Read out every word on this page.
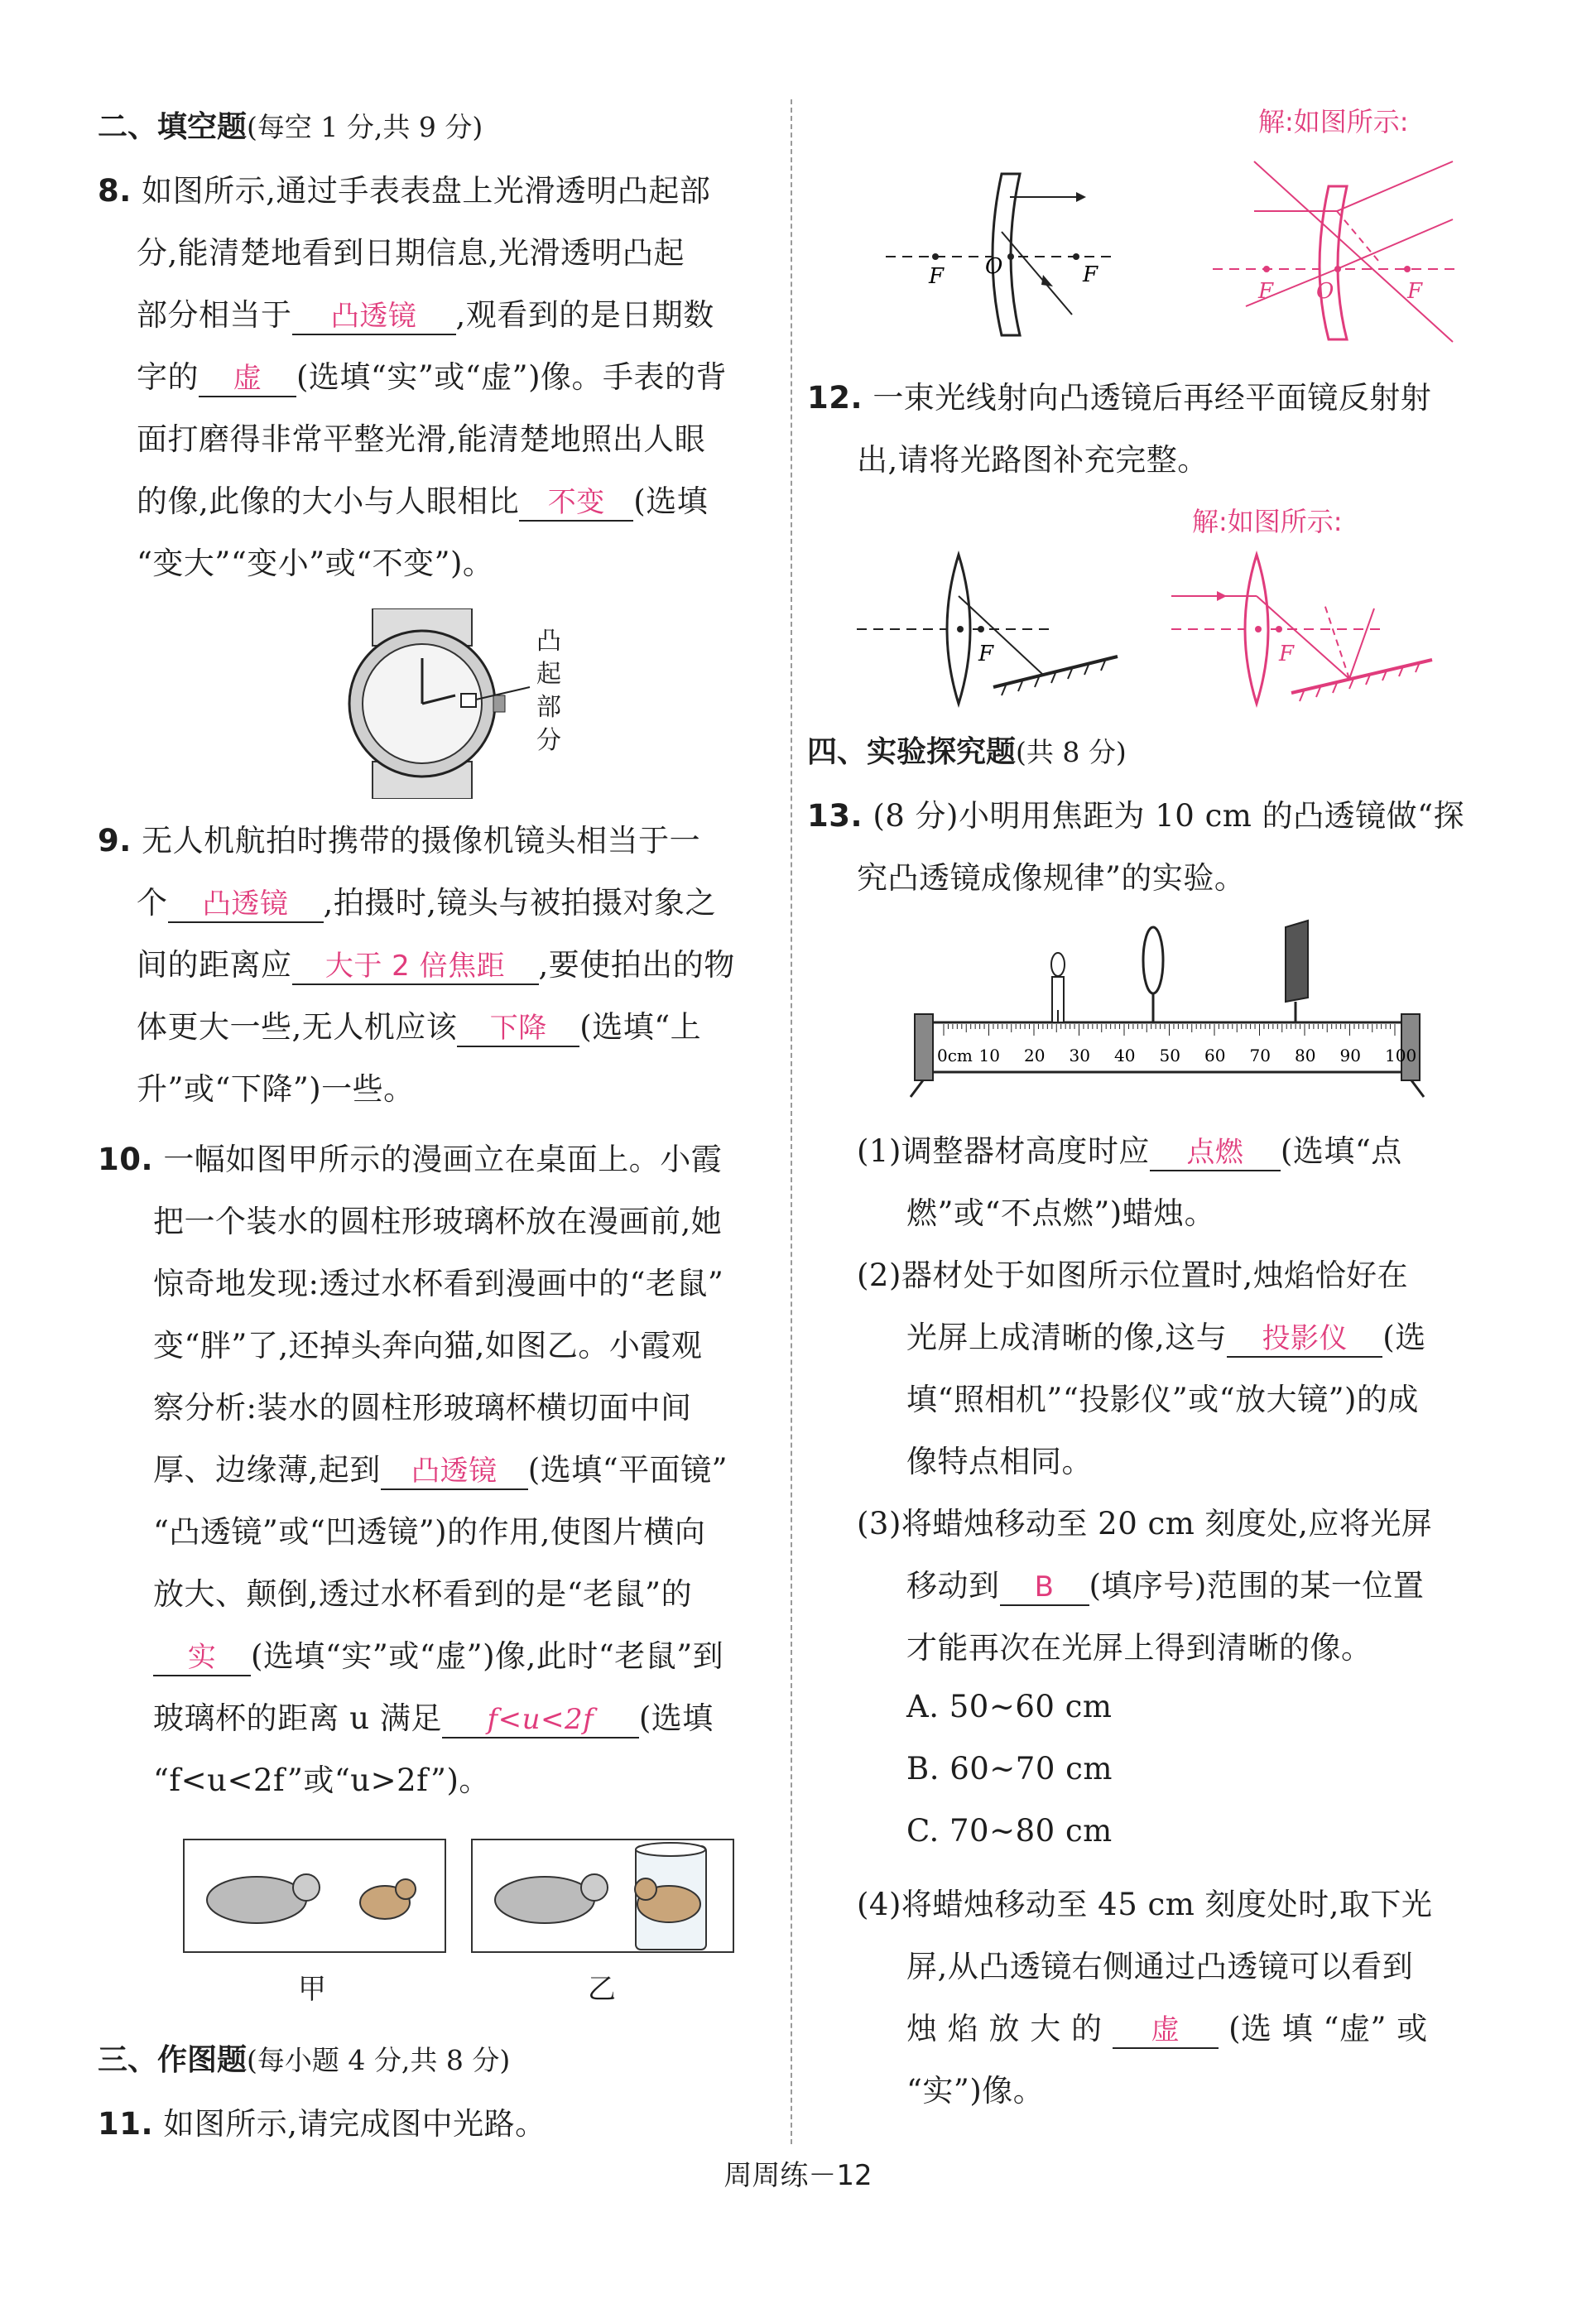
二、填空题(每空 1 分,共 9 分)
8. 如图所示,通过手表表盘上光滑透明凸起部
分,能清楚地看到日期信息,光滑透明凸起
部分相当于 凸透镜 ,观看到的是日期数
字的 虚 (选填“实”或“虚”)像。手表的背
面打磨得非常平整光滑,能清楚地照出人眼
的像,此像的大小与人眼相比 不变 (选填
“变大”“变小”或“不变”)。
凸
起
部
分
9. 无人机航拍时携带的摄像机镜头相当于一
个 凸透镜 ,拍摄时,镜头与被拍摄对象之
间的距离应 大于 2 倍焦距 ,要使拍出的物
体更大一些,无人机应该 下降 (选填“上
升”或“下降”)一些。
10. 一幅如图甲所示的漫画立在桌面上。小霞
把一个装水的圆柱形玻璃杯放在漫画前,她
惊奇地发现:透过水杯看到漫画中的“老鼠”
变“胖”了,还掉头奔向猫,如图乙。小霞观
察分析:装水的圆柱形玻璃杯横切面中间
厚、边缘薄,起到 凸透镜 (选填“平面镜”
“凸透镜”或“凹透镜”)的作用,使图片横向
放大、颠倒,透过水杯看到的是“老鼠”的
实 (选填“实”或“虚”)像,此时“老鼠”到
玻璃杯的距离 u 满足 f<u<2f (选填
“f<u<2f”或“u>2f”)。
甲	乙
三、作图题(每小题 4 分,共 8 分)
11. 如图所示,请完成图中光路。
解:如图所示:
F O	F
F O	F
12. 一束光线射向凸透镜后再经平面镜反射射
出,请将光路图补充完整。
解:如图所示:
F	F
四、实验探究题(共 8 分)
13. (8 分)小明用焦距为 10 cm 的凸透镜做“探
究凸透镜成像规律”的实验。
0cm 10 20 30 40 50 60 70 80 90 100
(1)调整器材高度时应 点燃 (选填“点
燃”或“不点燃”)蜡烛。
(2)器材处于如图所示位置时,烛焰恰好在
光屏上成清晰的像,这与 投影仪 (选
填“照相机”“投影仪”或“放大镜”)的成
像特点相同。
(3)将蜡烛移动至 20 cm 刻度处,应将光屏
移动到 B (填序号)范围的某一位置
才能再次在光屏上得到清晰的像。
A. 50~60 cm
B. 60~70 cm
C. 70~80 cm
(4)将蜡烛移动至 45 cm 刻度处时,取下光
屏,从凸透镜右侧通过凸透镜可以看到
烛 焰 放 大 的 虚 (选 填 “虚” 或
“实”)像。
周周练－12
